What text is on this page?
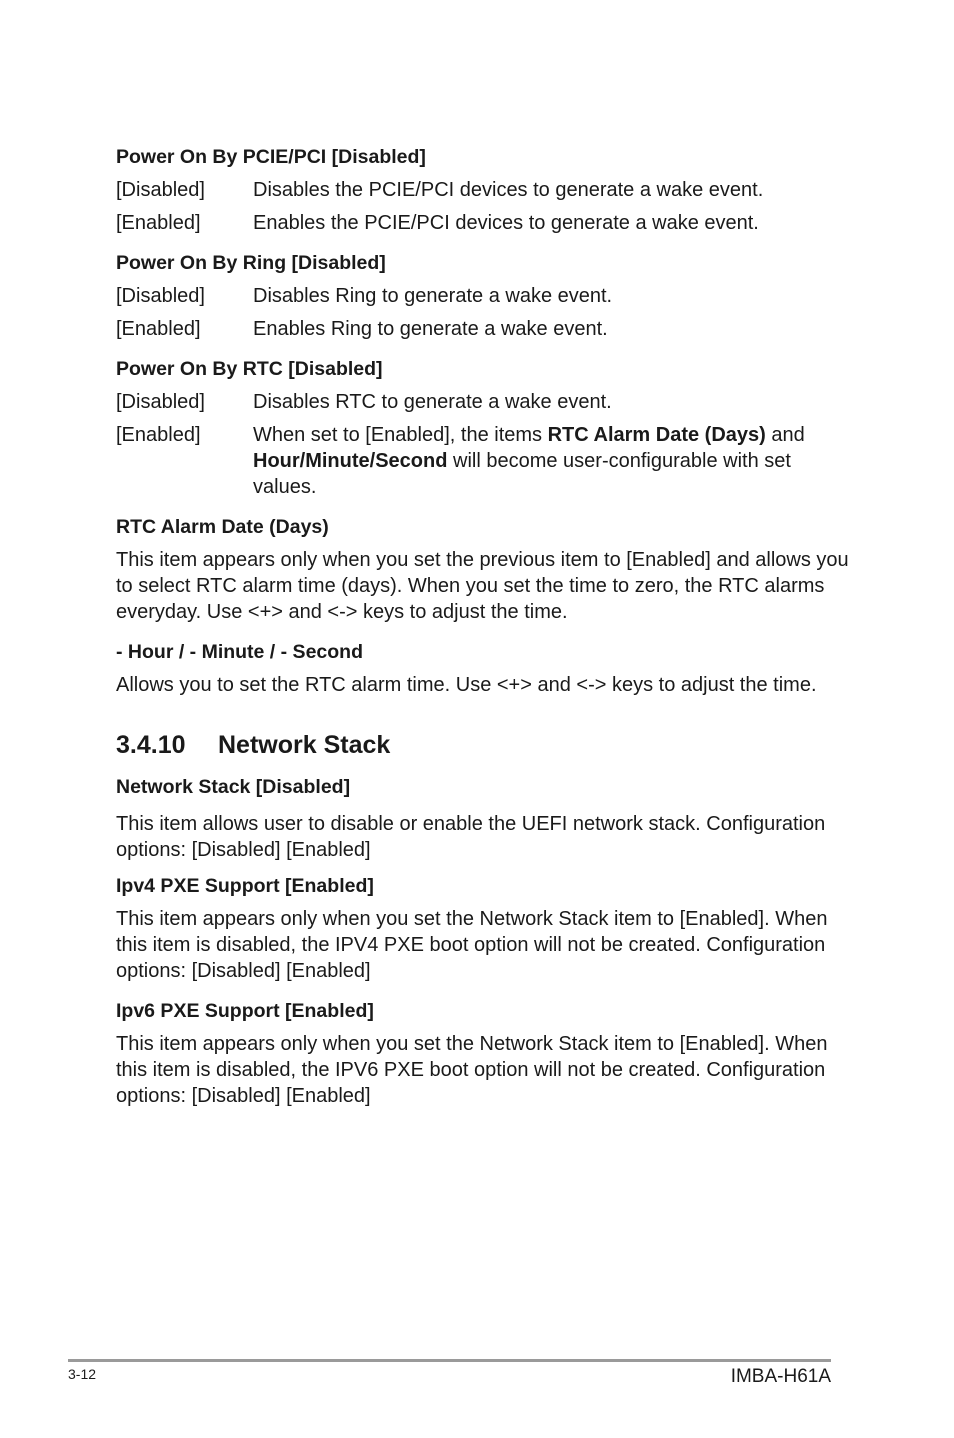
Power On By PCIE/PCI [Disabled]
[Disabled] Disables the PCIE/PCI devices to generate a wake event.
[Enabled]	Enables the PCIE/PCI devices to generate a wake event.
Power On By Ring [Disabled]
[Disabled] Disables Ring to generate a wake event.
[Enabled]	Enables Ring to generate a wake event.
Power On By RTC [Disabled]
[Disabled] Disables RTC to generate a wake event.
[Enabled]	When set to [Enabled], the items RTC Alarm Date (Days) and
Hour/Minute/Second will become user-configurable with set
values.
RTC Alarm Date (Days)
This item appears only when you set the previous item to [Enabled] and allows you
to select RTC alarm time (days). When you set the time to zero, the RTC alarms
everyday. Use <+> and <-> keys to adjust the time.
- Hour / - Minute / - Second
Allows you to set the RTC alarm time. Use <+> and <-> keys to adjust the time.
3.4.10 Network Stack
Network Stack [Disabled]
This item allows user to disable or enable the UEFI network stack. Configuration
options: [Disabled] [Enabled]
Ipv4 PXE Support [Enabled]
This item appears only when you set the Network Stack item to [Enabled]. When
this item is disabled, the IPV4 PXE boot option will not be created. Configuration
options: [Disabled] [Enabled]
Ipv6 PXE Support [Enabled]
This item appears only when you set the Network Stack item to [Enabled]. When
this item is disabled, the IPV6 PXE boot option will not be created. Configuration
options: [Disabled] [Enabled]
3-12	IMBA-H61A
